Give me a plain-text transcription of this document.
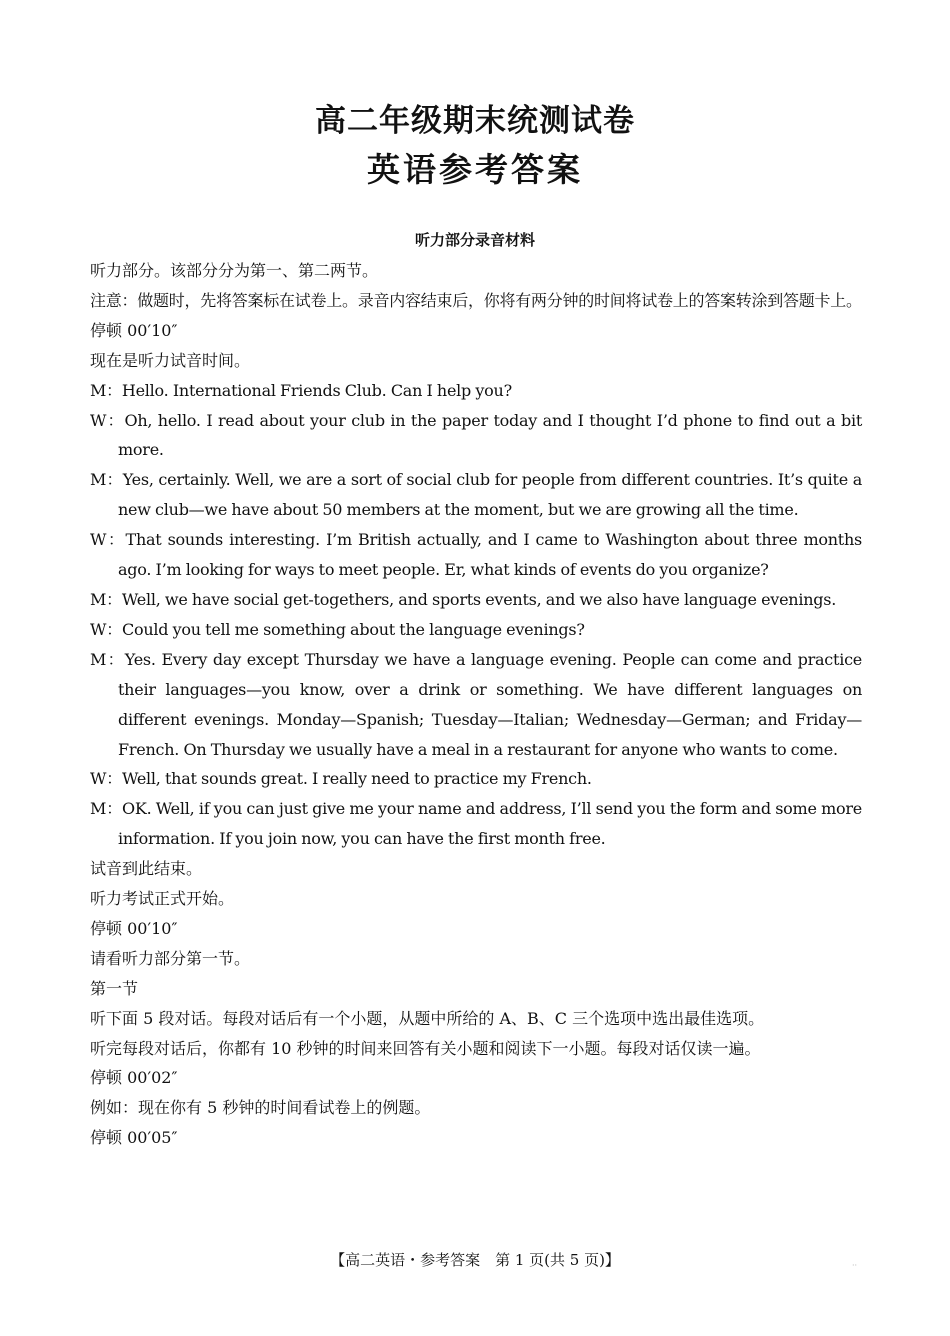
高二年级期末统测试卷
英语参考答案
听力部分录音材料

听力部分。该部分分为第一、第二两节。

注意：做题时，先将答案标在试卷上。录音内容结束后，你将有两分钟的时间将试卷上的答案转涂到答题卡上。

停顿 00′10″

现在是听力试音时间。

M：Hello. International Friends Club. Can I help you?

W：Oh, hello. I read about your club in the paper today and I thought I’d phone to find out a bit more.

M：Yes, certainly. Well, we are a sort of social club for people from different countries. It’s quite a new club—we have about 50 members at the moment, but we are growing all the time.

W：That sounds interesting. I’m British actually, and I came to Washington about three months ago. I’m looking for ways to meet people. Er, what kinds of events do you organize?

M：Well, we have social get-togethers, and sports events, and we also have language evenings.

W：Could you tell me something about the language evenings?

M：Yes. Every day except Thursday we have a language evening. People can come and practice their languages—you know, over a drink or something. We have different languages on different evenings. Monday—Spanish; Tuesday—Italian; Wednesday—German; and Friday—French. On Thursday we usually have a meal in a restaurant for anyone who wants to come.

W：Well, that sounds great. I really need to practice my French.

M：OK. Well, if you can just give me your name and address, I’ll send you the form and some more information. If you join now, you can have the first month free.

试音到此结束。

听力考试正式开始。

停顿 00′10″

请看听力部分第一节。

第一节

听下面 5 段对话。每段对话后有一个小题，从题中所给的 A、B、C 三个选项中选出最佳选项。

听完每段对话后，你都有 10 秒钟的时间来回答有关小题和阅读下一小题。每段对话仅读一遍。

停顿 00′02″

例如：现在你有 5 秒钟的时间看试卷上的例题。

停顿 00′05″

【高二英语・参考答案　第 1 页(共 5 页)】	··
